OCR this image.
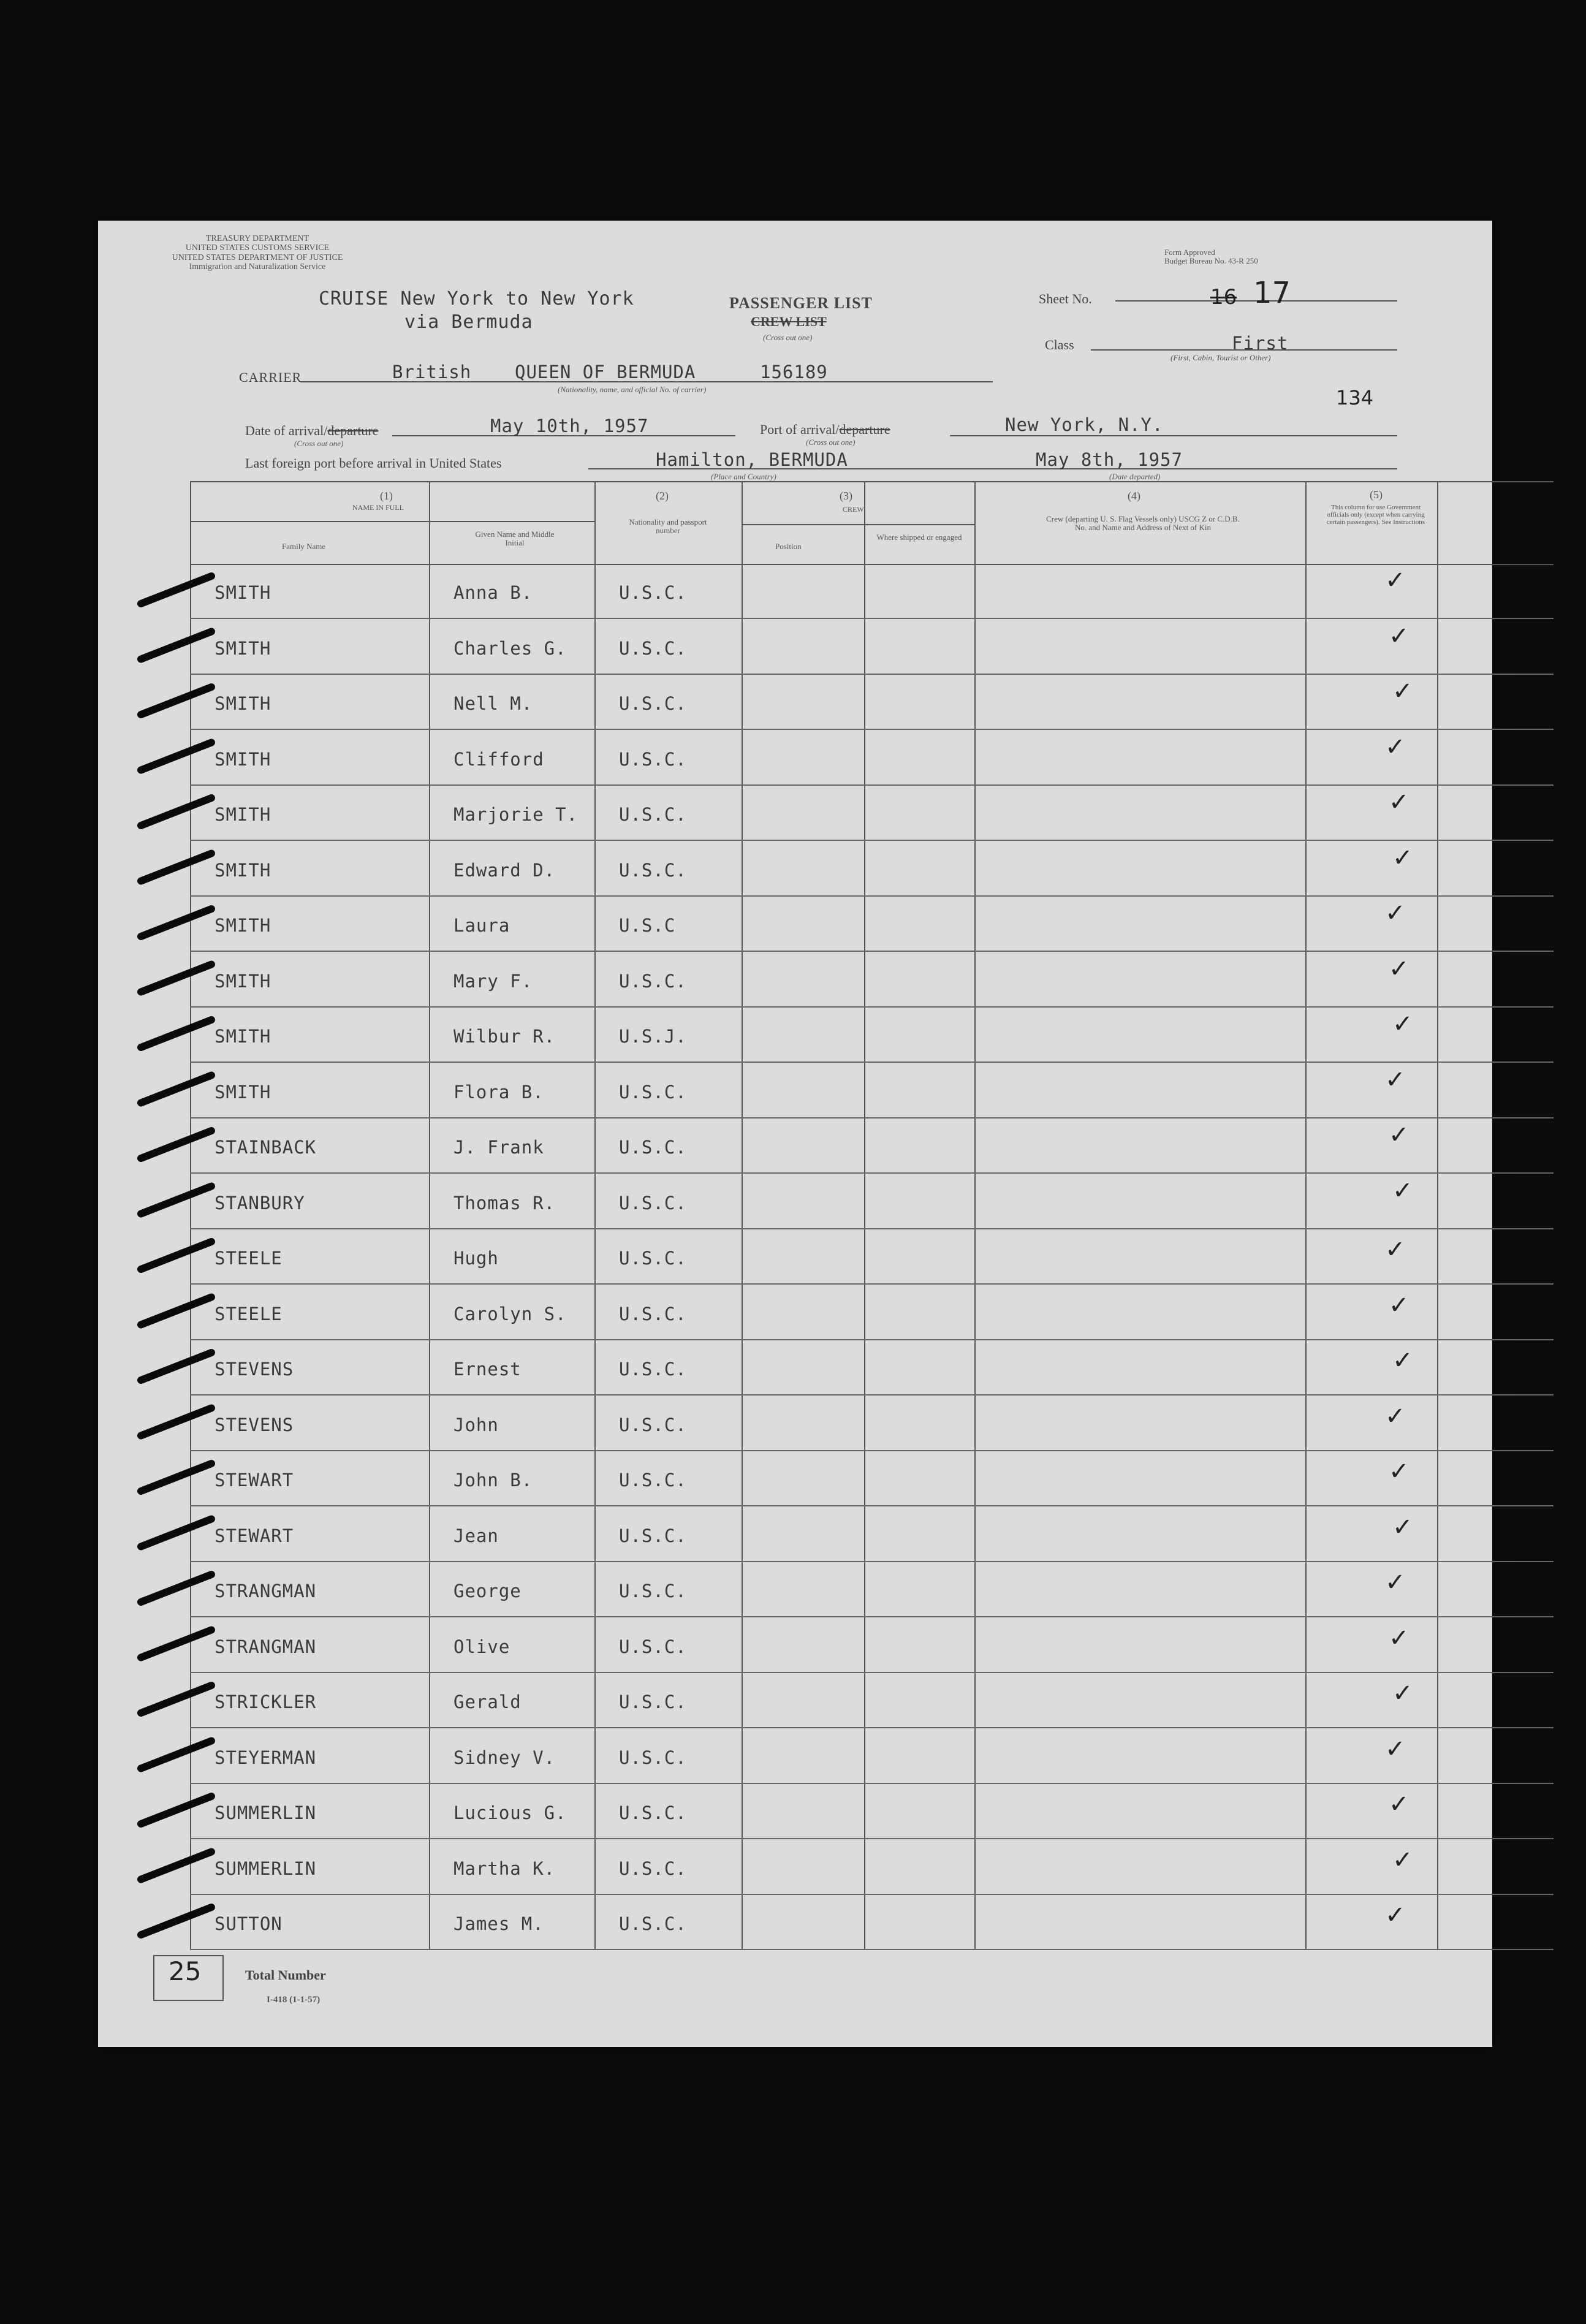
TREASURY DEPARTMENT
UNITED STATES CUSTOMS SERVICE
UNITED STATES DEPARTMENT OF JUSTICE
Immigration and Naturalization Service
CRUISE New York to New York
via Bermuda
PASSENGER LIST
CREW LIST
(Cross out one)
Form Approved
Budget Bureau No. 43-R 250
Sheet No.	16 17
Class	First
(First, Cabin, Tourist or Other)
CARRIER	British QUEEN OF BERMUDA	156189
(Nationality, name, and official No. of carrier)	134
Date of arrival/departure
(Cross out one)
May 10th, 1957	Port of arrival/departure
(Cross out one)
New York, N.Y.
Last foreign port before arrival in United States	Hamilton, BERMUDA
(Place and Country)
May 8th, 1957
(Date departed)
(1)
NAME IN FULL
Family Name
Given Name and Middle Initial
(2)
Nationality and passport number
(3)
CREW
Position
Where shipped or engaged
(4)
Crew (departing U. S. Flag Vessels only) USCG Z or C.D.B. No. and Name and Address of Next of Kin
(5)
This column for use Government officials only (except when carrying certain passengers). See Instructions
SMITH	Anna B.	U.S.C.	✓
SMITH	Charles G.	U.S.C.	✓
SMITH	Nell M.	U.S.C.	✓
SMITH	Clifford	U.S.C.	✓
SMITH	Marjorie T. U.S.C.	✓
SMITH	Edward D.	U.S.C.	✓
SMITH	Laura	U.S.C	✓
SMITH	Mary F.	U.S.C.	✓
SMITH	Wilbur R.	U.S.J.	✓
SMITH	Flora B.	U.S.C.	✓
STAINBACK	J. Frank	U.S.C.	✓
STANBURY	Thomas R.	U.S.C.	✓
STEELE	Hugh	U.S.C.	✓
STEELE	Carolyn S.	U.S.C.	✓
STEVENS	Ernest	U.S.C.	✓
STEVENS	John	U.S.C.	✓
STEWART	John B.	U.S.C.	✓
STEWART	Jean	U.S.C.	✓
STRANGMAN	George	U.S.C.	✓
STRANGMAN	Olive	U.S.C.	✓
STRICKLER	Gerald	U.S.C.	✓
STEYERMAN	Sidney V.	U.S.C.	✓
SUMMERLIN	Lucious G.	U.S.C.	✓
SUMMERLIN	Martha K.	U.S.C.	✓
SUTTON	James M.	U.S.C.	✓
25	Total Number
I-418 (1-1-57)
